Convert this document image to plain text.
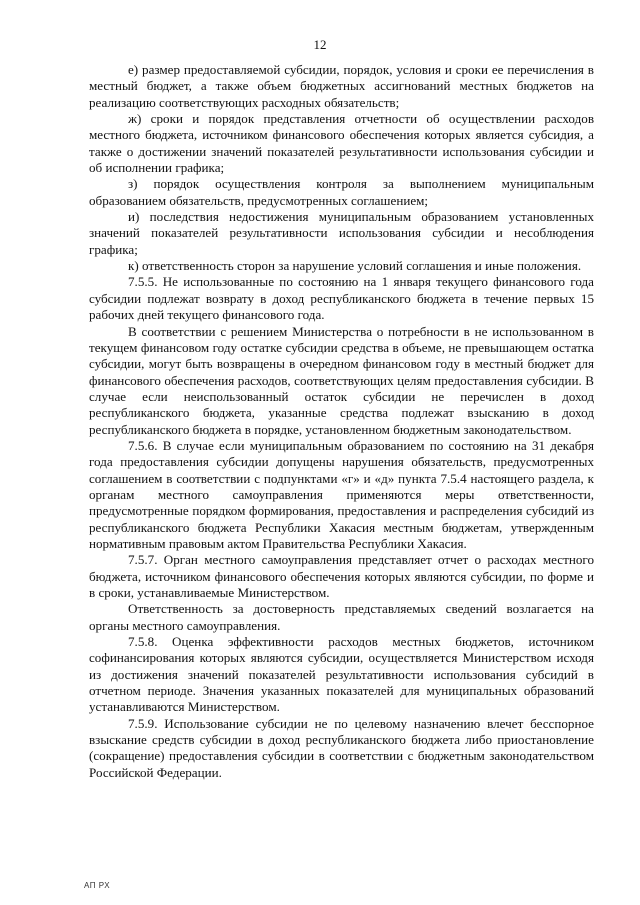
12

е) размер предоставляемой субсидии, порядок, условия и сроки ее перечисления в местный бюджет, а также объем бюджетных ассигнований местных бюджетов на реализацию соответствующих расходных обязательств;

ж) сроки и порядок представления отчетности об осуществлении расходов местного бюджета, источником финансового обеспечения которых является субсидия, а также о достижении значений показателей результативности использования субсидии и об исполнении графика;

з) порядок осуществления контроля за выполнением муниципальным образованием обязательств, предусмотренных соглашением;

и) последствия недостижения муниципальным образованием установленных значений показателей результативности использования субсидии и несоблюдения графика;

к) ответственность сторон за нарушение условий соглашения и иные положения.

7.5.5. Не использованные по состоянию на 1 января текущего финансового года субсидии подлежат возврату в доход республиканского бюджета в течение первых 15 рабочих дней текущего финансового года.

В соответствии с решением Министерства о потребности в не использованном в текущем финансовом году остатке субсидии средства в объеме, не превышающем остатка субсидии, могут быть возвращены в очередном финансовом году в местный бюджет для финансового обеспечения расходов, соответствующих целям предоставления субсидии. В случае если неиспользованный остаток субсидии не перечислен в доход республиканского бюджета, указанные средства подлежат взысканию в доход республиканского бюджета в порядке, установленном бюджетным законодательством.

7.5.6. В случае если муниципальным образованием по состоянию на 31 декабря года предоставления субсидии допущены нарушения обязательств, предусмотренных соглашением в соответствии с подпунктами «г» и «д» пункта 7.5.4 настоящего раздела, к органам местного самоуправления применяются меры ответственности, предусмотренные порядком формирования, предоставления и распределения субсидий из республиканского бюджета Республики Хакасия местным бюджетам, утвержденным нормативным правовым актом Правительства Республики Хакасия.

7.5.7. Орган местного самоуправления представляет отчет о расходах местного бюджета, источником финансового обеспечения которых являются субсидии, по форме и в сроки, устанавливаемые Министерством.

Ответственность за достоверность представляемых сведений возлагается на органы местного самоуправления.

7.5.8. Оценка эффективности расходов местных бюджетов, источником софинансирования которых являются субсидии, осуществляется Министерством исходя из достижения значений показателей результативности использования субсидий в отчетном периоде. Значения указанных показателей для муниципальных образований устанавливаются Министерством.

7.5.9. Использование субсидии не по целевому назначению влечет бесспорное взыскание средств субсидии в доход республиканского бюджета либо приостановление (сокращение) предоставления субсидии в соответствии с бюджетным законодательством Российской Федерации.

АП РХ
